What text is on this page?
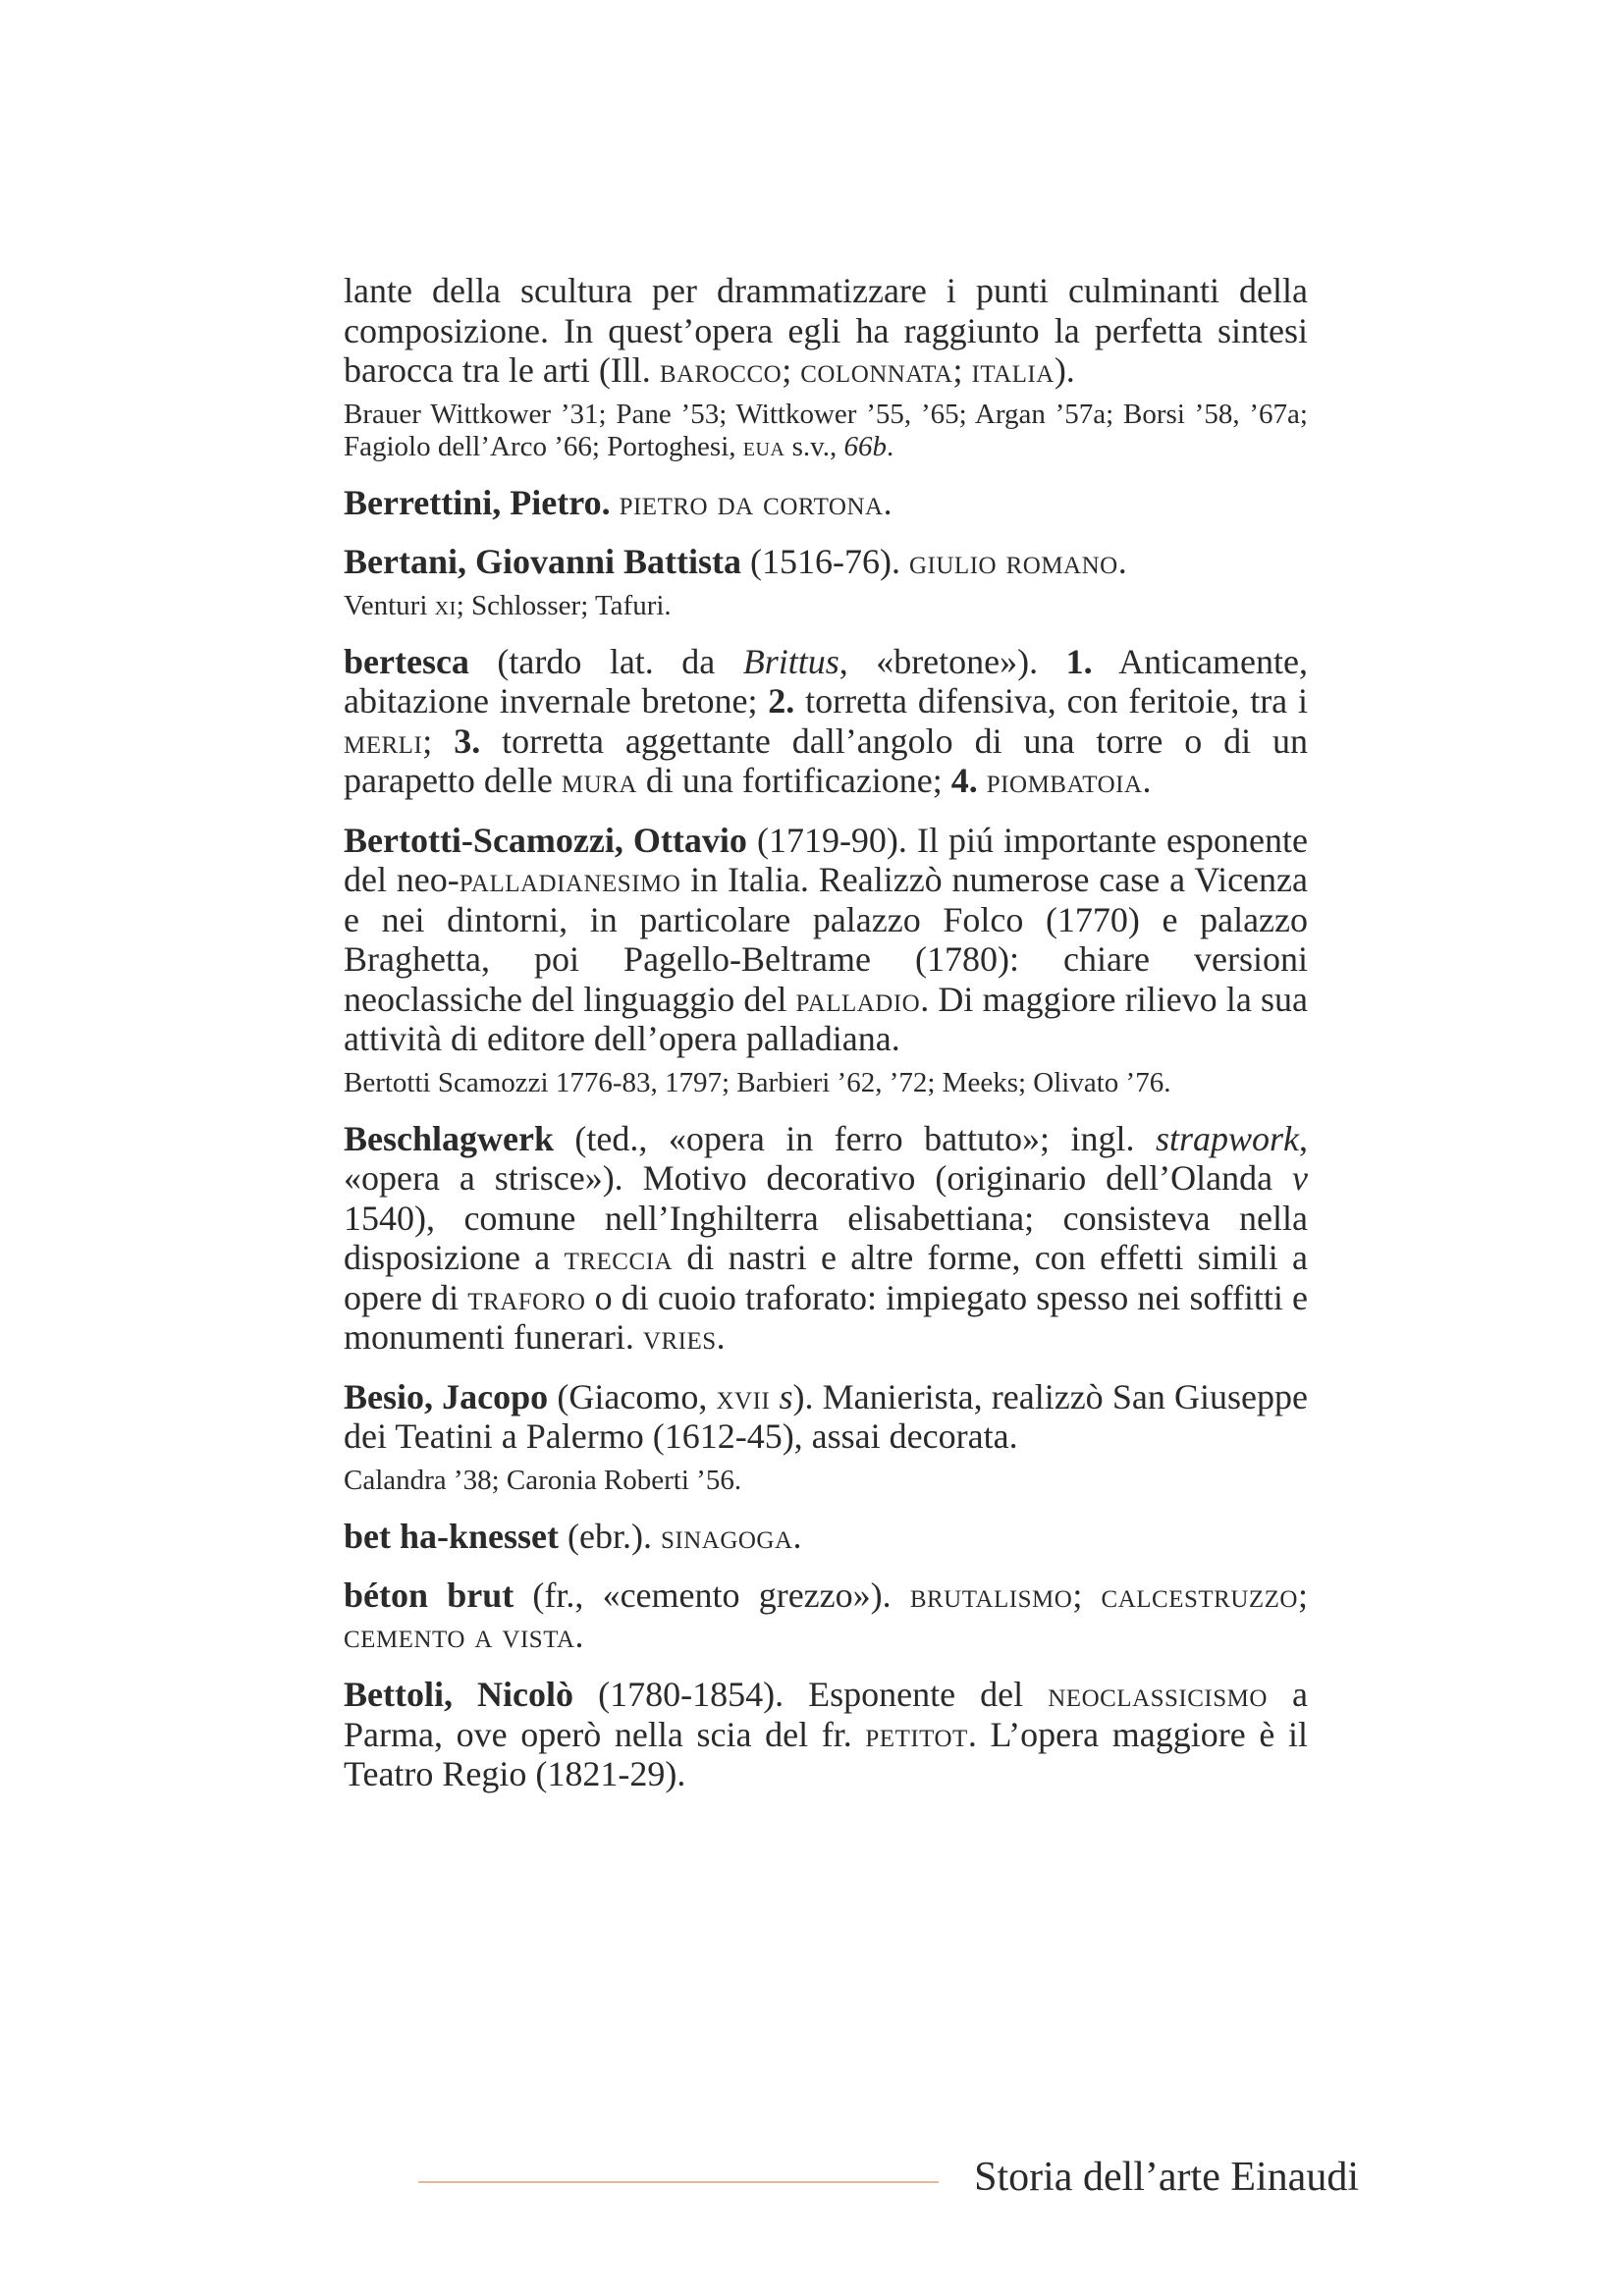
lante della scultura per drammatizzare i punti culminanti della composizione. In quest’opera egli ha raggiunto la perfetta sintesi barocca tra le arti (Ill. barocco; colonnata; italia).

Brauer Wittkower ’31; Pane ’53; Wittkower ’55, ’65; Argan ’57a; Borsi ’58, ’67a; Fagiolo dell’Arco ’66; Portoghesi, eua s.v., 66b.

Berrettini, Pietro. pietro da cortona.

Bertani, Giovanni Battista (1516-76). giulio romano.

Venturi xi; Schlosser; Tafuri.

bertesca (tardo lat. da Brittus, «bretone»). 1. Anticamente, abitazione invernale bretone; 2. torretta difensiva, con feritoie, tra i merli; 3. torretta aggettante dall’angolo di una torre o di un parapetto delle mura di una fortificazione; 4. piombatoia.

Bertotti-Scamozzi, Ottavio (1719-90). Il piú importante esponente del neo-palladianesimo in Italia. Realizzò numerose case a Vicenza e nei dintorni, in particolare palazzo Folco (1770) e palazzo Braghetta, poi Pagello-Beltrame (1780): chiare versioni neoclassiche del linguaggio del palladio. Di maggiore rilievo la sua attività di editore dell’opera palladiana.

Bertotti Scamozzi 1776-83, 1797; Barbieri ’62, ’72; Meeks; Olivato ’76.

Beschlagwerk (ted., «opera in ferro battuto»; ingl. strapwork, «opera a strisce»). Motivo decorativo (originario dell’Olanda v 1540), comune nell’Inghilterra elisabettiana; consisteva nella disposizione a treccia di nastri e altre forme, con effetti simili a opere di traforo o di cuoio traforato: impiegato spesso nei soffitti e monumenti funerari. vries.

Besio, Jacopo (Giacomo, xvii s). Manierista, realizzò San Giuseppe dei Teatini a Palermo (1612-45), assai decorata.

Calandra ’38; Caronia Roberti ’56.

bet ha-knesset (ebr.). sinagoga.

béton brut (fr., «cemento grezzo»). brutalismo; calcestruzzo; cemento a vista.

Bettoli, Nicolò (1780-1854). Esponente del neoclassicismo a Parma, ove operò nella scia del fr. petitot. L’opera maggiore è il Teatro Regio (1821-29).

Storia dell’arte Einaudi
